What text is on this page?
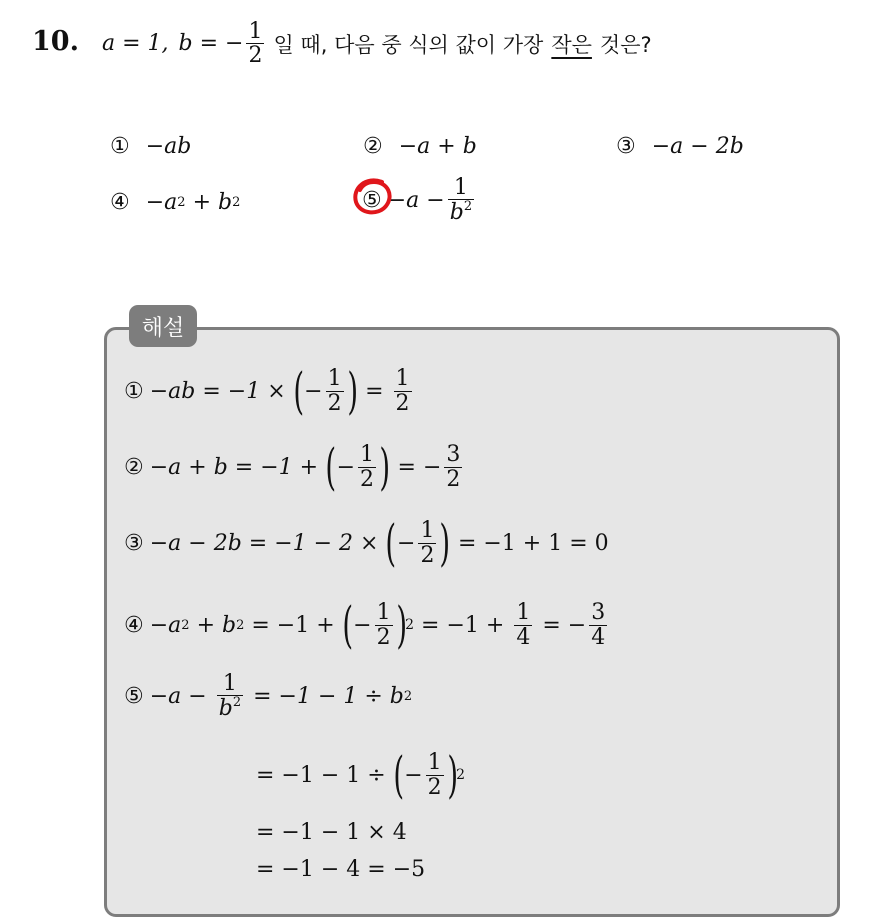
10. a = 1, b = − $\frac{1}{2}$ 일 때, 다음 중 식의 값이 가장 작은 것은?
① −ab	② −a + b	③ −a − 2b
④ −a 2 + b 2	⑤ $-a - \frac{1}{b^2}$
해설
① −ab = −1 × ( − $\frac{1}{2}$ ) = $\frac{1}{2}$
② −a + b = −1 + ( − $\frac{1}{2}$ ) = − $\frac{3}{2}$
③ −a − 2b = −1 − 2 × ( − $\frac{1}{2}$ ) = −1 + 1 = 0
④ −a 2 + b 2 = −1 + ( − $\frac{1}{2}$ )
$2 = -1 + \frac{1}{4}$ = − $\frac{3}{4}$
⑤ $-a - \frac{1}{b^2} = -1 - 1 \div b$ 2
= −1 − 1 ÷ ( − $\frac{1}{2}$ )
2
= −1 − 1 × 4
= −1 − 4 = −5
